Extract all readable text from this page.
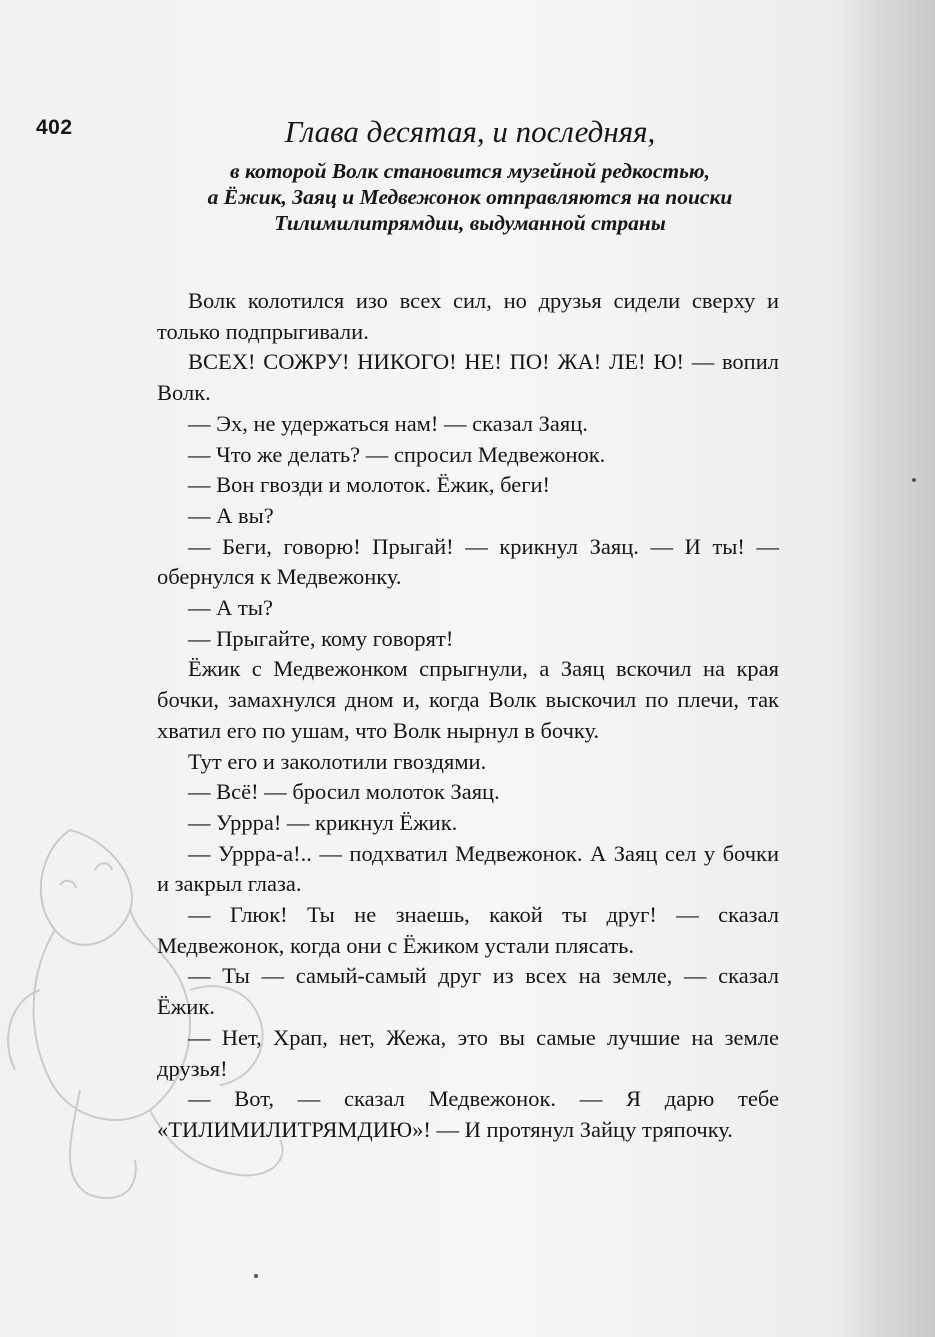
402	Глава десятая, и последняя,

в которой Волк становится музейной редкостью,
а Ёжик, Заяц и Медвежонок отправляются на поиски
Тилимилитрямдии, выдуманной страны

Волк колотился изо всех сил, но друзья сидели сверху и только подпрыгивали.

ВСЕХ! СОЖРУ! НИКОГО! НЕ! ПО! ЖА! ЛЕ! Ю! — вопил Волк.

— Эх, не удержаться нам! — сказал Заяц.

— Что же делать? — спросил Медвежонок.

— Вон гвозди и молоток. Ёжик, беги!

— А вы?

— Беги, говорю! Прыгай! — крикнул Заяц. — И ты! — обернулся к Медвежонку.

— А ты?

— Прыгайте, кому говорят!

Ёжик с Медвежонком спрыгнули, а Заяц вскочил на края бочки, замахнулся дном и, когда Волк выскочил по плечи, так хватил его по ушам, что Волк нырнул в бочку.

Тут его и заколотили гвоздями.

— Всё! — бросил молоток Заяц.

— Уррра! — крикнул Ёжик.

— Уррра-а!.. — подхватил Медвежонок. А Заяц сел у бочки и закрыл глаза.

— Глюк! Ты не знаешь, какой ты друг! — сказал Медвежонок, когда они с Ёжиком устали плясать.

— Ты — самый-самый друг из всех на земле, — сказал Ёжик.

— Нет, Храп, нет, Жежа, это вы самые лучшие на земле друзья!

— Вот, — сказал Медвежонок. — Я дарю тебе «ТИЛИМИЛИТРЯМДИЮ»! — И протянул Зайцу тряпочку.
